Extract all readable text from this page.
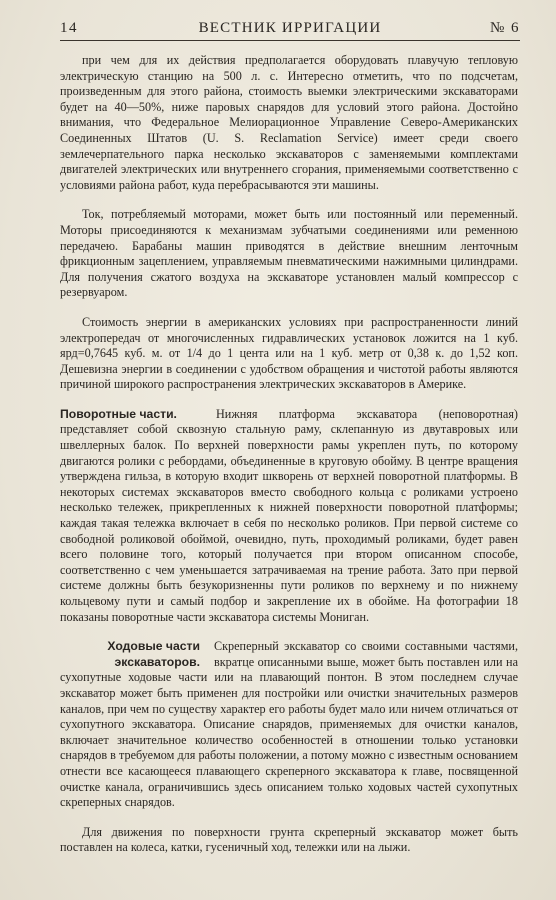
14	ВЕСТНИК ИРРИГАЦИИ	№ 6

при чем для их действия предполагается оборудовать плавучую тепловую электрическую станцию на 500 л. с. Интересно отметить, что по подсчетам, произведенным для этого района, стоимость выемки электрическими экскаваторами будет на 40—50%, ниже паровых снарядов для условий этого района. Достойно внимания, что Федеральное Мелиорационное Управление Северо-Американских Соединенных Штатов (U. S. Reclamation Service) имеет среди своего землечерпательного парка несколько экскаваторов с заменяемыми комплектами двигателей электрических или внутреннего сгорания, применяемыми соответственно с условиями района работ, куда перебрасываются эти машины.

Ток, потребляемый моторами, может быть или постоянный или переменный. Моторы присоединяются к механизмам зубчатыми соединениями или ременною передачею. Барабаны машин приводятся в действие внешним ленточным фрикционным зацеплением, управляемым пневматическими нажимными цилиндрами. Для получения сжатого воздуха на экскаваторе установлен малый компрессор с резервуаром.

Стоимость энергии в американских условиях при распространенности линий электропередач от многочисленных гидравлических установок ложится на 1 куб. ярд=0,7645 куб. м. от 1/4 до 1 цента или на 1 куб. метр от 0,38 к. до 1,52 коп. Дешевизна энергии в соединении с удобством обращения и чистотой работы являются причиной широкого распространения электрических экскаваторов в Америке.

Поворотные части.	Нижняя платформа экскаватора (неповоротная) представляет собой сквозную стальную раму, склепанную из двутавровых или швеллерных балок. По верхней поверхности рамы укреплен путь, по которому двигаются ролики с ребордами, объединенные в круговую обойму. В центре вращения утверждена гильза, в которую входит шкворень от верхней поворотной платформы. В некоторых системах экскаваторов вместо свободного кольца с роликами устроено несколько тележек, прикрепленных к нижней поверхности поворотной платформы; каждая такая тележка включает в себя по несколько роликов. При первой системе со свободной роликовой обоймой, очевидно, путь, проходимый роликами, будет равен всего половине того, который получается при втором описанном способе, соответственно с чем уменьшается затрачиваемая на трение работа. Зато при первой системе должны быть безукоризненны пути роликов по верхнему и по нижнему кольцевому пути и самый подбор и закрепление их в обойме. На фотографии 18 показаны поворотные части экскаватора системы Мониган.

Ходовые части
экскаваторов.

Скреперный экскаватор со своими составными частями, вкратце описанными выше, может быть поставлен или на сухопутные ходовые части или на плавающий понтон. В этом последнем случае экскаватор может быть применен для постройки или очистки значительных размеров каналов, при чем по существу характер его работы будет мало или ничем отличаться от сухопутного экскаватора. Описание снарядов, применяемых для очистки каналов, включает значительное количество особенностей в отношении только установки снарядов в требуемом для работы положении, а потому можно с известным основанием отнести все касающееся плавающего скреперного экскаватора к главе, посвященной очистке канала, ограничившись здесь описанием только ходовых частей сухопутных скреперных снарядов.

Для движения по поверхности грунта скреперный экскаватор может быть поставлен на колеса, катки, гусеничный ход, тележки или на лыжи.
